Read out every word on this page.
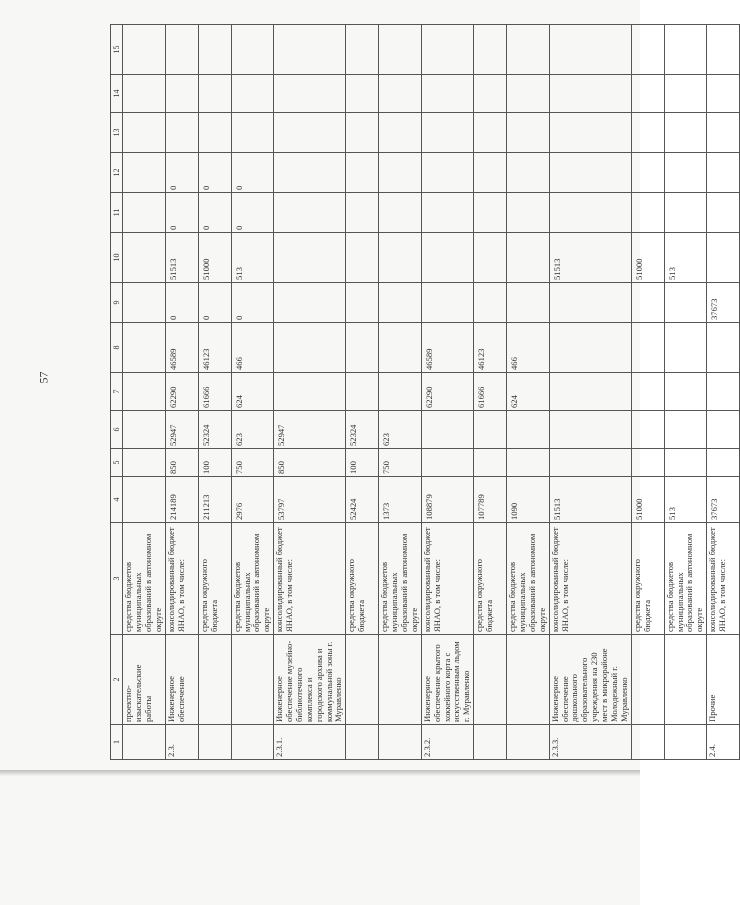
57
1	2	3	4	5	6	7	8	9	10	11	12	13	14	15
	проектно-изыскательские работы	средства бюджетов муниципальных образований в автономном округе												
2.3.	Инженерное обеспечение	консолидированный бюджет ЯНАО, в том числе:	214189	850	52947	62290	46589	0	51513	0	0			
		средства окружного бюджета	211213	100	52324	61666	46123	0	51000	0	0			
		средства бюджетов муниципальных образований в автономном округе	2976	750	623	624	466	0	513	0	0			
2.3.1.	Инженерное обеспечение музейно-библиотечного комплекса и городского архива и коммунальной зоны г. Муравленко	консолидированный бюджет ЯНАО, в том числе:	53797	850	52947									
		средства окружного бюджета	52424	100	52324									
		средства бюджетов муниципальных образований в автономном округе	1373	750	623									
2.3.2.	Инженерное обеспечение крытого хоккейного корта с искусственным льдом г. Муравленко	консолидированный бюджет ЯНАО, в том числе:	108879			62290	46589							
		средства окружного бюджета	107789			61666	46123							
		средства бюджетов муниципальных образований в автономном округе	1090			624	466							
2.3.3.	Инженерное обеспечение дошкольного образовательного учреждения на 230 мест в микрорайоне Молодежный г. Муравленко	консолидированный бюджет ЯНАО, в том числе:	51513						51513					
		средства окружного бюджета	51000						51000					
		средства бюджетов муниципальных образований в автономном округе	513						513					
2.4.	Прочие	консолидированный бюджет ЯНАО, в том числе:	37673					37673						
